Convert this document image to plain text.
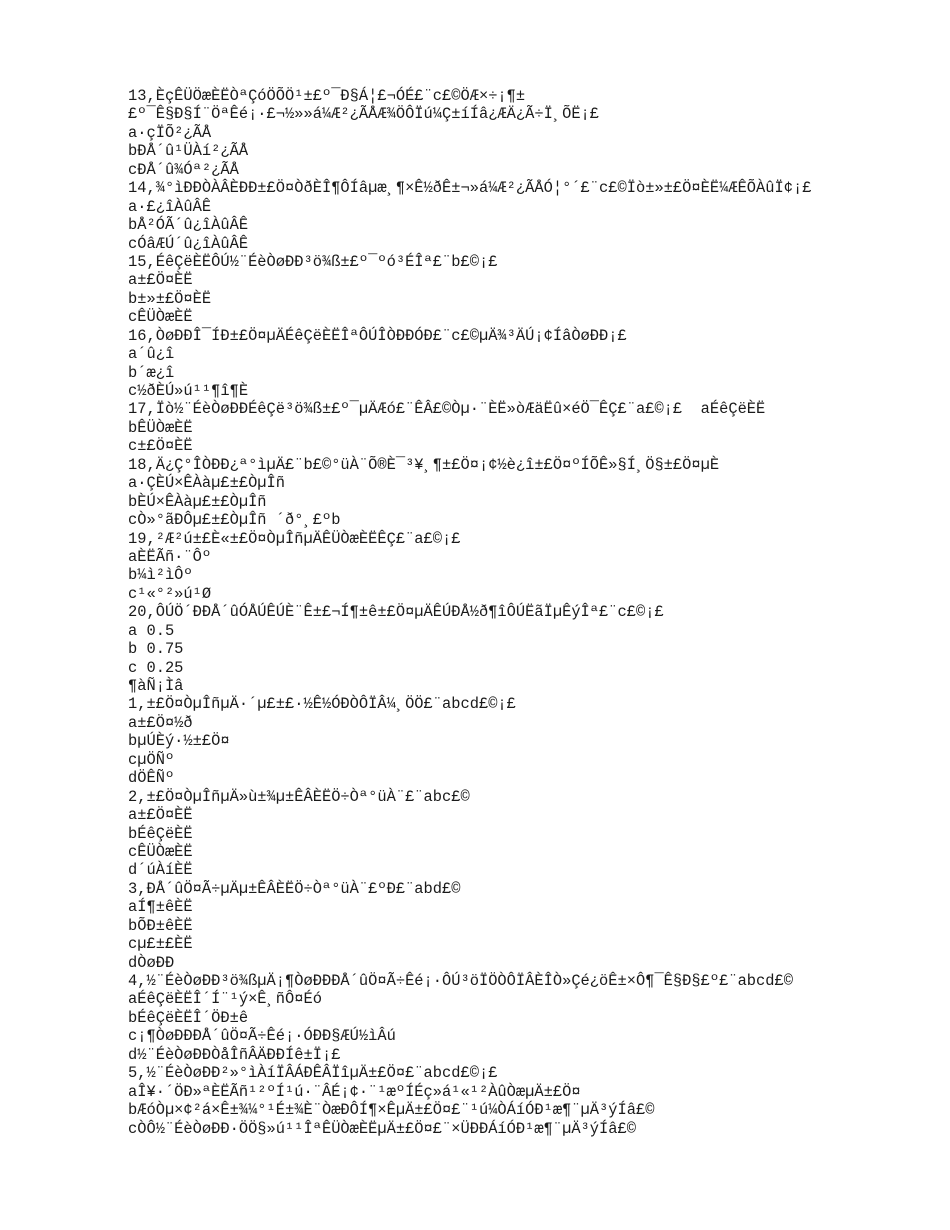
13,ÈçÊÜÖæÈËÒªÇóÖÕÖ¹±£º¯Ð§Á¦£¬ÓÉ£¨c£©ÖÆ×÷¡¶±
£º¯Ê§Ð§Í¨ÖªÊé¡·£¬½»»á¼Æ²¿ÃÅÆ¾ÖÔÏú¼Ç±íÍâ¿ÆÄ¿Ã÷Ï¸ÕË¡£
a·çÏÕ²¿ÃÅ
bÐÅ´û¹ÜÀí²¿ÃÅ
cÐÅ´û¾Óª²¿ÃÅ
14,¾°ìÐÐÒÀÂÈÐÐ±£Ö¤ÒðÈÎ¶ÔÍâµæ¸¶×Ê½ðÊ±¬»á¼Æ²¿ÃÅÓ¦°´£¨c£©Ïò±»±£Ö¤ÈË¼ÆÊÕÀûÏ¢¡£
a·£¿îÀûÂÊ
bÅ²ÓÃ´û¿îÀûÂÊ
cÓâÆÚ´û¿îÀûÂÊ
15,ÉêÇëÈËÔÚ½¨ÉèÒøÐÐ³ö¾ß±£º¯ºó³ÉÎª£¨b£©¡£
a±£Ö¤ÈË
b±»±£Ö¤ÈË
cÊÜÒæÈË
16,ÒøÐÐÎ¯ÍÐ±£Ö¤µÄÉêÇëÈËÎªÔÚÎÒÐÐÓÐ£¨c£©µÄ¾³ÄÚ¡¢ÍâÒøÐÐ¡£
a´û¿î
b´æ¿î
c½ðÈÚ»ú¹¹¶î¶È
17,Ïò½¨ÉèÒøÐÐÉêÇë³ö¾ß±£º¯µÄÆó£¨ÊÂ£©Òµ·¨ÈË»òÆäËû×éÖ¯ÊÇ£¨a£©¡£  aÉêÇëÈË
bÊÜÒæÈË
c±£Ö¤ÈË
18,Ä¿Ç°ÎÒÐÐ¿ª°ìµÄ£¨b£©°üÀ¨Õ®È¯³¥¸¶±£Ö¤¡¢½è¿î±£Ö¤ºÍÕÊ»§Í¸Ö§±£Ö¤µÈ
a·ÇÈÚ×ÊÀàµ£±£ÒµÎñ
bÈÚ×ÊÀàµ£±£ÒµÎñ
cÒ»°ãÐÔµ£±£ÒµÎñ ´ð°¸£ºb
19,²Æ²ú±£È«±£Ö¤ÒµÎñµÄÊÜÒæÈËÊÇ£¨a£©¡£
aÈËÃñ·¨Ôº
b¼ì²ìÔº
c¹«°²»ú¹Ø
20,ÔÚÖ´ÐÐÅ´ûÓÅÚÊÚÈ¨Ê±£¬Í¶±ê±£Ö¤µÄÊÚÐÅ½ð¶îÔÚËãÏµÊýÎª£¨c£©¡£
a 0.5
b 0.75
c 0.25
¶àÑ¡Ìâ
1,±£Ö¤ÒµÎñµÄ·´µ£±£·½Ê½ÓÐÒÔÏÂ¼¸ÖÖ£¨abcd£©¡£
a±£Ö¤½ð
bµÚÈý·½±£Ö¤
cµÖÑº
dÖÊÑº
2,±£Ö¤ÒµÎñµÄ»ù±¾µ±ÊÂÈËÖ÷Òª°üÀ¨£¨abc£©
a±£Ö¤ÈË
bÉêÇëÈË
cÊÜÒæÈË
d´úÀíÈË
3,ÐÅ´ûÖ¤Ã÷µÄµ±ÊÂÈËÖ÷Òª°üÀ¨£ºÐ£¨abd£©
aÍ¶±êÈË
bÕÐ±êÈË
cµ£±£ÈË
dÒøÐÐ
4,½¨ÉèÒøÐÐ³ö¾ßµÄ¡¶ÒøÐÐÐÅ´ûÖ¤Ã÷Êé¡·ÔÚ³öÏÖÒÔÏÂÈÎÒ»Çé¿öÊ±×Ô¶¯Ê§Ð§£º£¨abcd£©
aÉêÇëÈËÎ´Í¨¹ý×Ê¸ñÔ¤Éó
bÉêÇëÈËÎ´ÖÐ±ê
c¡¶ÒøÐÐÐÅ´ûÖ¤Ã÷Êé¡·ÓÐÐ§ÆÚ½ìÂú
d½¨ÉèÒøÐÐÒåÎñÂÄÐÐÍê±Ï¡£
5,½¨ÉèÒøÐÐ²»°ìÀíÏÂÁÐÊÂÏîµÄ±£Ö¤£¨abcd£©¡£
aÎ¥·´ÖÐ»ªÈËÃñ¹²ºÍ¹ú·¨ÂÉ¡¢·¨¹æºÍÉç»á¹«¹²ÀûÒæµÄ±£Ö¤
bÆóÒµ×¢²á×Ê±¾¼°¹É±¾È¨ÒæÐÔÍ¶×ÊµÄ±£Ö¤£¨¹ú¼ÒÁíÓÐ¹æ¶¨µÄ³ýÍâ£©
cÒÔ½¨ÉèÒøÐÐ·ÖÖ§»ú¹¹ÎªÊÜÒæÈËµÄ±£Ö¤£¨×ÜÐÐÁíÓÐ¹æ¶¨µÄ³ýÍâ£©
